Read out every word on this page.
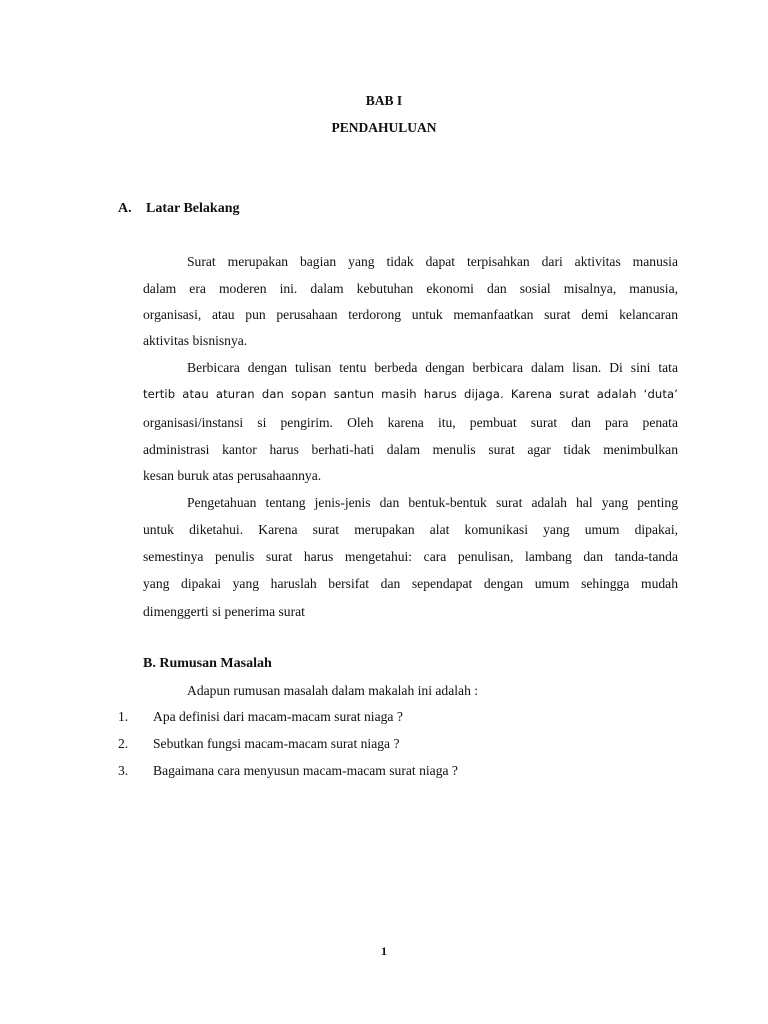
BAB I
PENDAHULUAN
A. Latar Belakang
Surat merupakan bagian yang tidak dapat terpisahkan dari aktivitas manusia
dalam era moderen ini. dalam kebutuhan ekonomi dan sosial misalnya, manusia,
organisasi, atau pun perusahaan terdorong untuk memanfaatkan surat demi kelancaran
aktivitas bisnisnya.
Berbicara dengan tulisan tentu berbeda dengan berbicara dalam lisan. Di sini tata
tertib atau aturan dan sopan santun masih harus dijaga. Karena surat adalah ‘duta’
organisasi/instansi si pengirim. Oleh karena itu, pembuat surat dan para penata
administrasi kantor harus berhati-hati dalam menulis surat agar tidak menimbulkan
kesan buruk atas perusahaannya.
Pengetahuan tentang jenis-jenis dan bentuk-bentuk surat adalah hal yang penting
untuk diketahui. Karena surat merupakan alat komunikasi yang umum dipakai,
semestinya penulis surat harus mengetahui: cara penulisan, lambang dan tanda-tanda
yang dipakai yang haruslah bersifat dan sependapat dengan umum sehingga mudah
dimenggerti si penerima surat
B. Rumusan Masalah
Adapun rumusan masalah dalam makalah ini adalah :
1. Apa definisi dari macam-macam surat niaga ?
2. Sebutkan fungsi macam-macam surat niaga ?
3. Bagaimana cara menyusun macam-macam surat niaga ?
1
